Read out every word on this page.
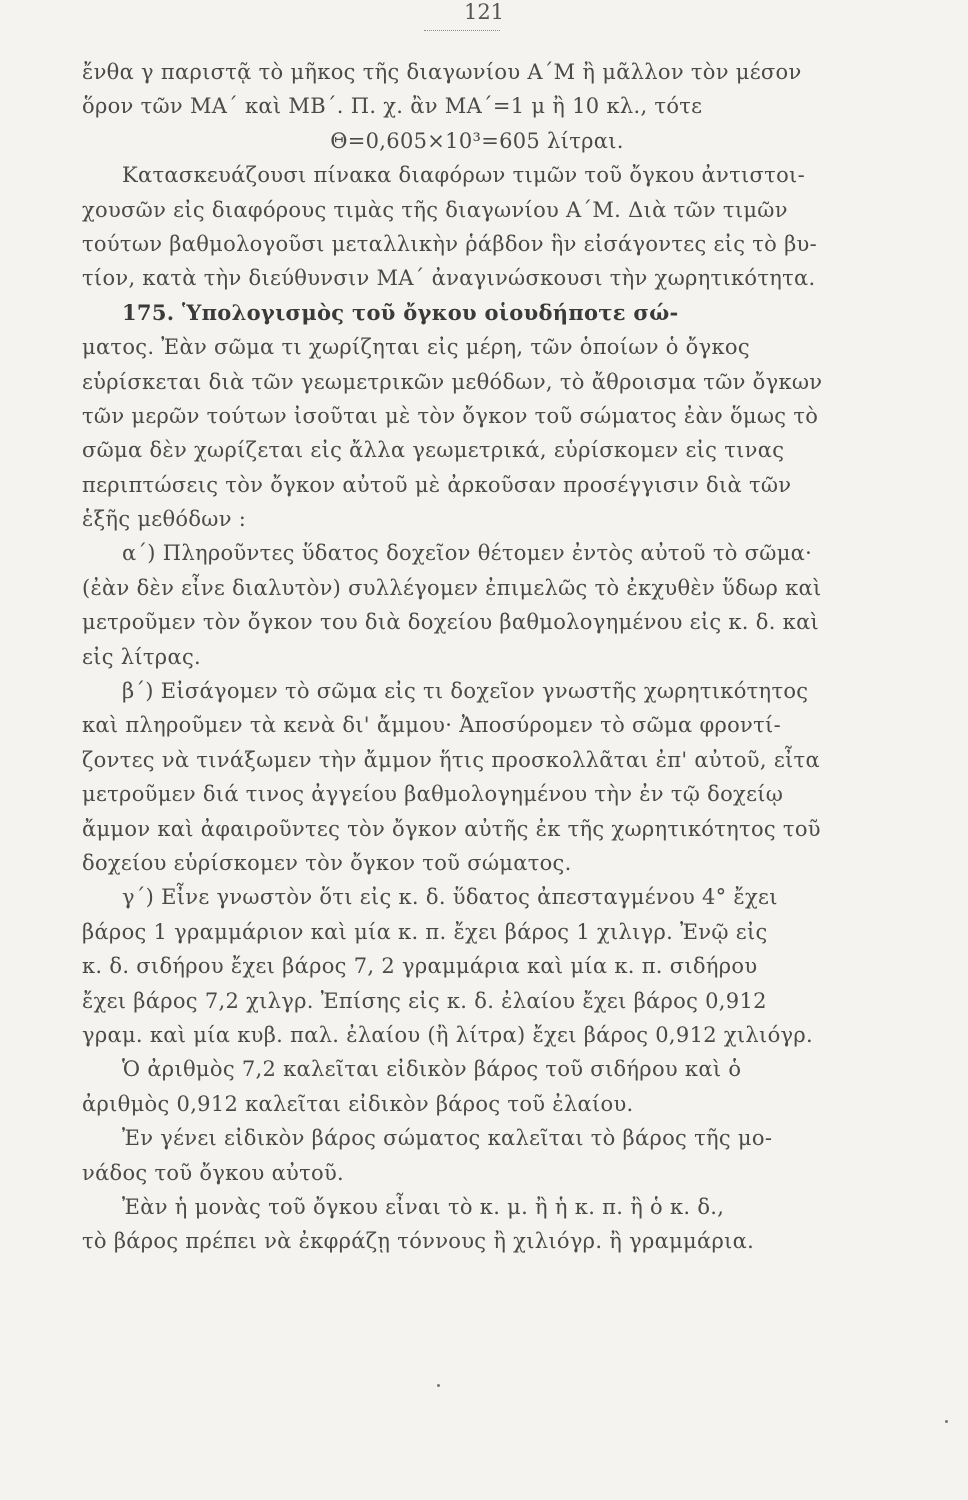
121
ἔνθα γ παριστᾷ τὸ μῆκος τῆς διαγωνίου Α΄Μ ἢ μᾶλλον τὸν μέσον
ὅρον τῶν ΜΑ΄ καὶ ΜΒ΄. Π. χ. ἂν ΜΑ΄=1 μ ἢ 10 κλ., τότε
Θ=0,605×10³=605 λίτραι.
Κατασκευάζουσι πίνακα διαφόρων τιμῶν τοῦ ὄγκου ἀντιστοι-
χουσῶν εἰς διαφόρους τιμὰς τῆς διαγωνίου Α΄Μ. Διὰ τῶν τιμῶν
τούτων βαθμολογοῦσι μεταλλικὴν ῥάβδον ἣν εἰσάγοντες εἰς τὸ βυ-
τίον, κατὰ τὴν διεύθυνσιν ΜΑ΄ ἀναγινώσκουσι τὴν χωρητικότητα.
175. Ὑπολογισμὸς τοῦ ὄγκου οἱουδήποτε σώ-
ματος. Ἐὰν σῶμα τι χωρίζηται εἰς μέρη, τῶν ὁποίων ὁ ὄγκος
εὑρίσκεται διὰ τῶν γεωμετρικῶν μεθόδων, τὸ ἄθροισμα τῶν ὄγκων
τῶν μερῶν τούτων ἰσοῦται μὲ τὸν ὄγκον τοῦ σώματος ἐὰν ὅμως τὸ
σῶμα δὲν χωρίζεται εἰς ἄλλα γεωμετρικά, εὑρίσκομεν εἰς τινας
περιπτώσεις τὸν ὄγκον αὐτοῦ μὲ ἀρκοῦσαν προσέγγισιν διὰ τῶν
ἑξῆς μεθόδων :
α΄) Πληροῦντες ὕδατος δοχεῖον θέτομεν ἐντὸς αὐτοῦ τὸ σῶμα·
(ἐὰν δὲν εἶνε διαλυτὸν) συλλέγομεν ἐπιμελῶς τὸ ἐκχυθὲν ὕδωρ καὶ
μετροῦμεν τὸν ὄγκον του διὰ δοχείου βαθμολογημένου εἰς κ. δ. καὶ
εἰς λίτρας.
β΄) Εἰσάγομεν τὸ σῶμα εἰς τι δοχεῖον γνωστῆς χωρητικότητος
καὶ πληροῦμεν τὰ κενὰ δι' ἄμμου· Ἀποσύρομεν τὸ σῶμα φροντί-
ζοντες νὰ τινάξωμεν τὴν ἄμμον ἥτις προσκολλᾶται ἐπ' αὐτοῦ, εἶτα
μετροῦμεν διά τινος ἀγγείου βαθμολογημένου τὴν ἐν τῷ δοχείῳ
ἄμμον καὶ ἀφαιροῦντες τὸν ὄγκον αὐτῆς ἐκ τῆς χωρητικότητος τοῦ
δοχείου εὑρίσκομεν τὸν ὄγκον τοῦ σώματος.
γ΄) Εἶνε γνωστὸν ὅτι εἰς κ. δ. ὕδατος ἀπεσταγμένου 4° ἔχει
βάρος 1 γραμμάριον καὶ μία κ. π. ἔχει βάρος 1 χιλιγρ. Ἐνῷ εἰς
κ. δ. σιδήρου ἔχει βάρος 7, 2 γραμμάρια καὶ μία κ. π. σιδήρου
ἔχει βάρος 7,2 χιλγρ. Ἐπίσης εἰς κ. δ. ἐλαίου ἔχει βάρος 0,912
γραμ. καὶ μία κυβ. παλ. ἐλαίου (ἢ λίτρα) ἔχει βάρος 0,912 χιλιόγρ.
Ὁ ἀριθμὸς 7,2 καλεῖται εἰδικὸν βάρος τοῦ σιδήρου καὶ ὁ
ἀριθμὸς 0,912 καλεῖται εἰδικὸν βάρος τοῦ ἐλαίου.
Ἐν γένει εἰδικὸν βάρος σώματος καλεῖται τὸ βάρος τῆς μο-
νάδος τοῦ ὄγκου αὐτοῦ.
Ἐὰν ἡ μονὰς τοῦ ὄγκου εἶναι τὸ κ. μ. ἢ ἡ κ. π. ἢ ὁ κ. δ.,
τὸ βάρος πρέπει νὰ ἐκφράζῃ τόννους ἢ χιλιόγρ. ἢ γραμμάρια.
